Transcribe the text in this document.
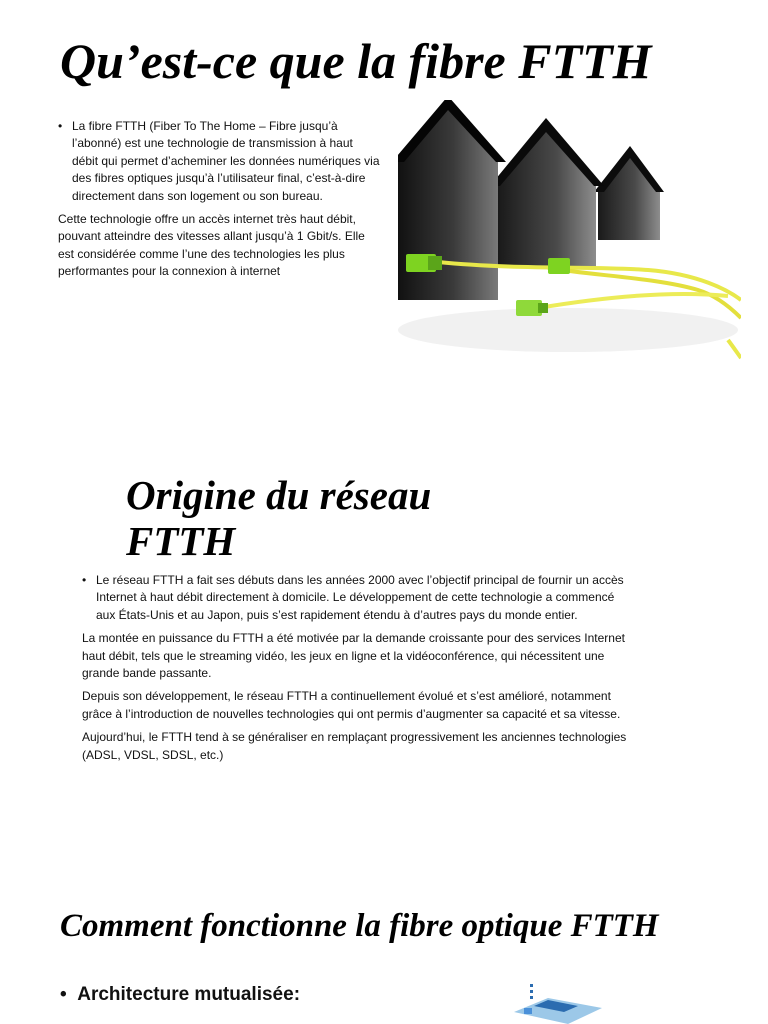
Qu’est-ce que la fibre FTTH
• La fibre FTTH (Fiber To The Home – Fibre jusqu’à l’abonné) est une technologie de transmission à haut débit qui permet d’acheminer les données numériques via des fibres optiques jusqu’à l’utilisateur final, c’est-à-dire directement dans son logement ou son bureau.

Cette technologie offre un accès internet très haut débit, pouvant atteindre des vitesses allant jusqu’à 1 Gbit/s. Elle est considérée comme l’une des technologies les plus performantes pour la connexion à internet

Origine du réseau FTTH
• Le réseau FTTH a fait ses débuts dans les années 2000 avec l’objectif principal de fournir un accès Internet à haut débit directement à domicile. Le développement de cette technologie a commencé aux États-Unis et au Japon, puis s’est rapidement étendu à d’autres pays du monde entier.

La montée en puissance du FTTH a été motivée par la demande croissante pour des services Internet haut débit, tels que le streaming vidéo, les jeux en ligne et la vidéoconférence, qui nécessitent une grande bande passante.

Depuis son développement, le réseau FTTH a continuellement évolué et s’est amélioré, notamment grâce à l’introduction de nouvelles technologies qui ont permis d’augmenter sa capacité et sa vitesse.

Aujourd’hui, le FTTH tend à se généraliser en remplaçant progressivement les anciennes technologies (ADSL, VDSL, SDSL, etc.)

Comment fonctionne la fibre optique FTTH
• Architecture mutualisée:
